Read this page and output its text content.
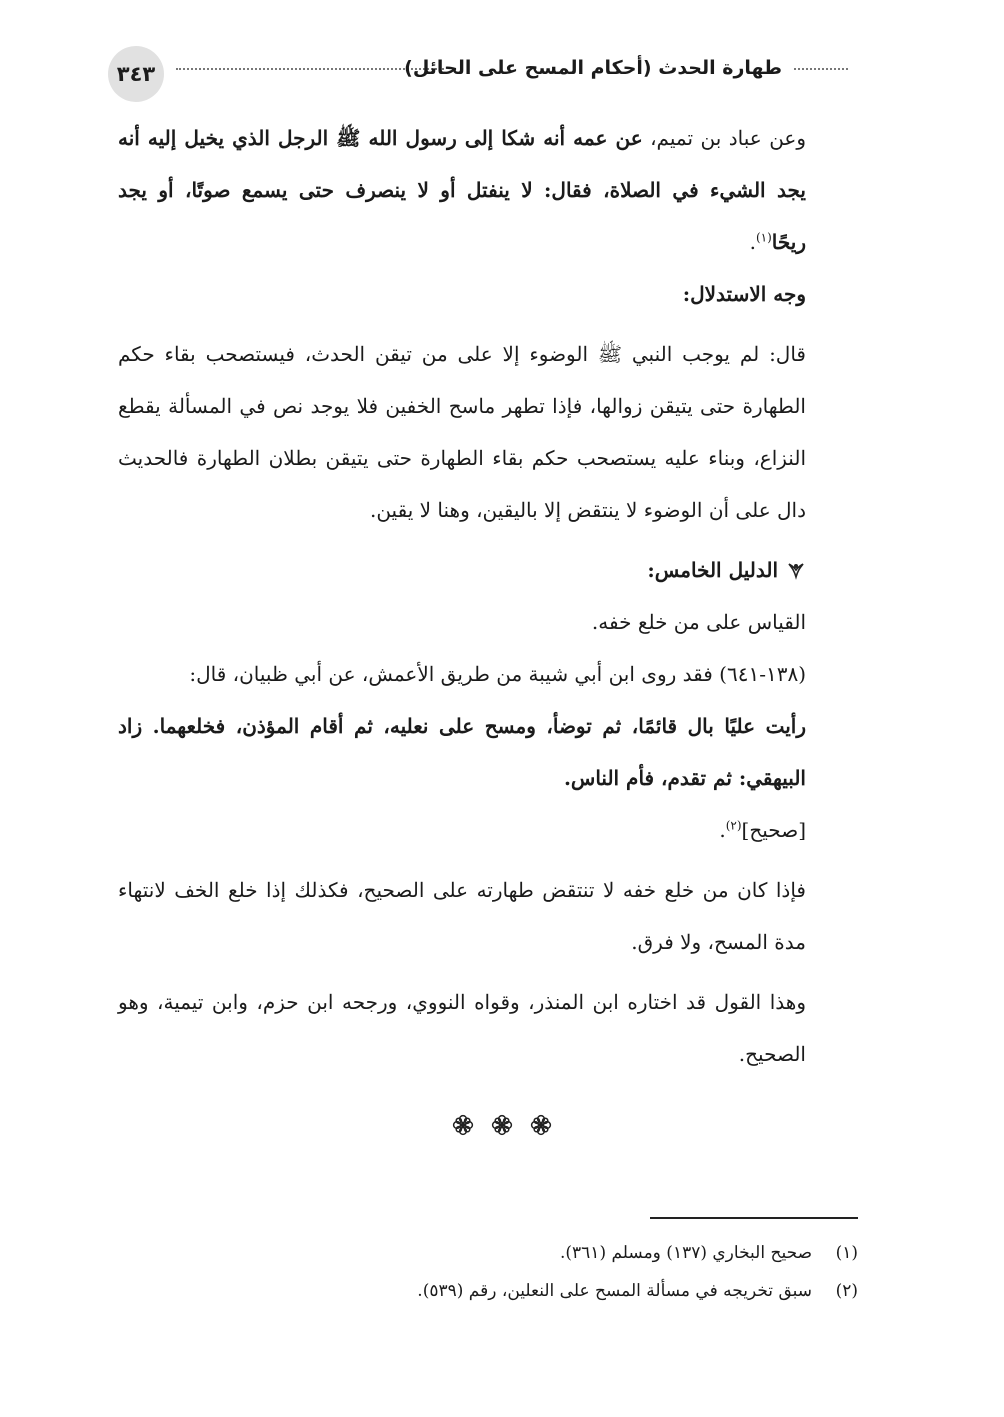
٣٤٣	طهارة الحدث (أحكام المسح على الحائل)

وعن عباد بن تميم، عن عمه أنه شكا إلى رسول الله ﷺ الرجل الذي يخيل إليه أنه يجد الشيء في الصلاة، فقال: لا ينفتل أو لا ينصرف حتى يسمع صوتًا، أو يجد ريحًا$^{(١)}$.

وجه الاستدلال:

قال: لم يوجب النبي ﷺ الوضوء إلا على من تيقن الحدث، فيستصحب بقاء حكم الطهارة حتى يتيقن زوالها، فإذا تطهر ماسح الخفين فلا يوجد نص في المسألة يقطع النزاع، وبناء عليه يستصحب حكم بقاء الطهارة حتى يتيقن بطلان الطهارة فالحديث دال على أن الوضوء لا ينتقض إلا باليقين، وهنا لا يقين.

الدليل الخامس:

القياس على من خلع خفه.

(١٣٨-٦٤١) فقد روى ابن أبي شيبة من طريق الأعمش، عن أبي ظبيان، قال:

رأيت عليًا بال قائمًا، ثم توضأ، ومسح على نعليه، ثم أقام المؤذن، فخلعهما. زاد البيهقي: ثم تقدم، فأم الناس.

[صحيح]$^{(٢)}$.

فإذا كان من خلع خفه لا تنتقض طهارته على الصحيح، فكذلك إذا خلع الخف لانتهاء مدة المسح، ولا فرق.

وهذا القول قد اختاره ابن المنذر، وقواه النووي، ورجحه ابن حزم، وابن تيمية، وهو الصحيح.

(١)صحيح البخاري (١٣٧) ومسلم (٣٦١).

(٢)سبق تخريجه في مسألة المسح على النعلين، رقم (٥٣٩).
